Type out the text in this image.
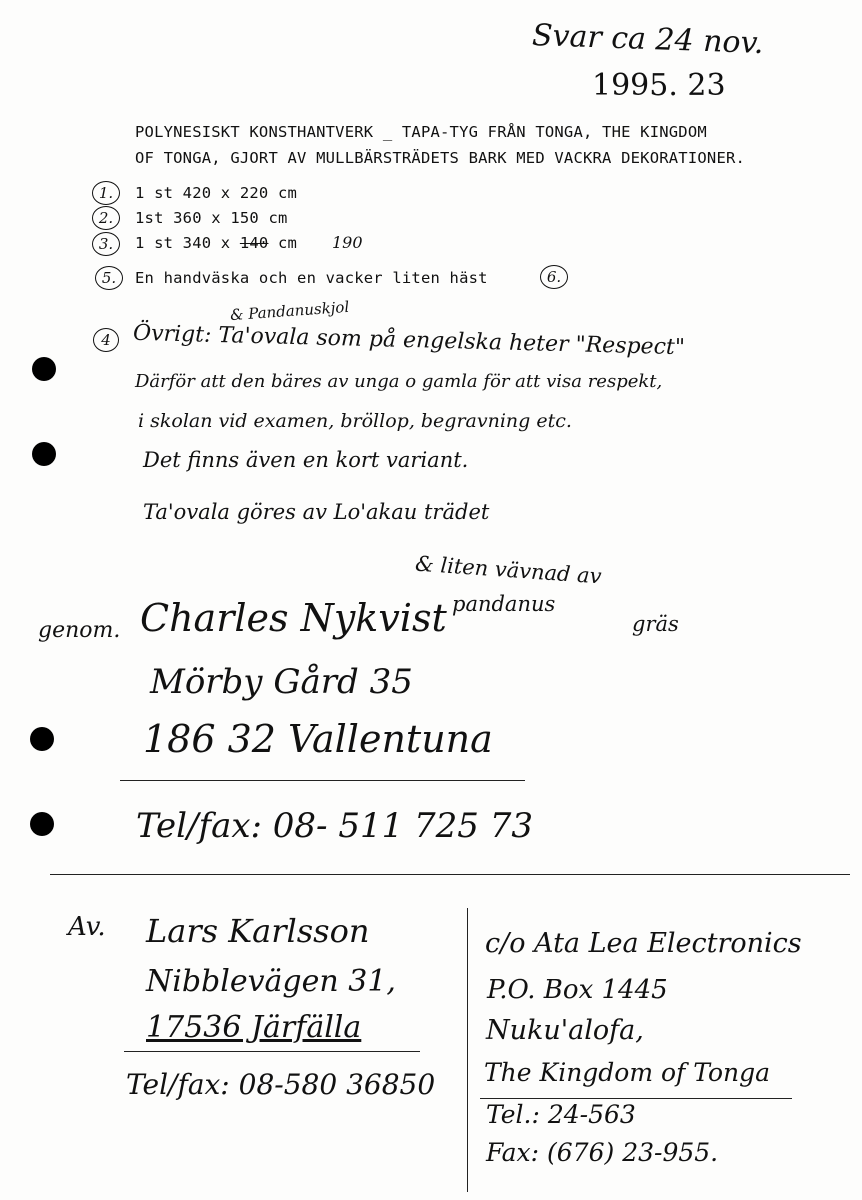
Svar ca 24 nov.
1995. 23
POLYNESISKT KONSTHANTVERK _ TAPA-TYG FRÅN TONGA, THE KINGDOM
OF TONGA, GJORT AV MULLBÄRSTRÄDETS BARK MED VACKRA DEKORATIONER.
1.	1 st 420 x 220 cm
2.	1st 360 x 150 cm
3.	1 st 340 x 140 cm 190
5.	En handväska och en vacker liten häst	6.
& Pandanuskjol
4	Övrigt: Ta'ovala som på engelska heter "Respect"
Därför att den bäres av unga o gamla för att visa respekt,
i skolan vid examen, bröllop, begravning etc.
Det finns även en kort variant.
Ta'ovala göres av Lo'akau trädet
& liten vävnad av
pandanus
gräs
genom. Charles Nykvist
Mörby Gård 35
186 32 Vallentuna
Tel/fax: 08- 511 725 73
Av. Lars Karlsson
Nibblevägen 31,
17536 Järfälla
Tel/fax: 08-580 36850
c/o Ata Lea Electronics
P.O. Box 1445
Nuku'alofa,
The Kingdom of Tonga
Tel.: 24-563
Fax: (676) 23-955.
